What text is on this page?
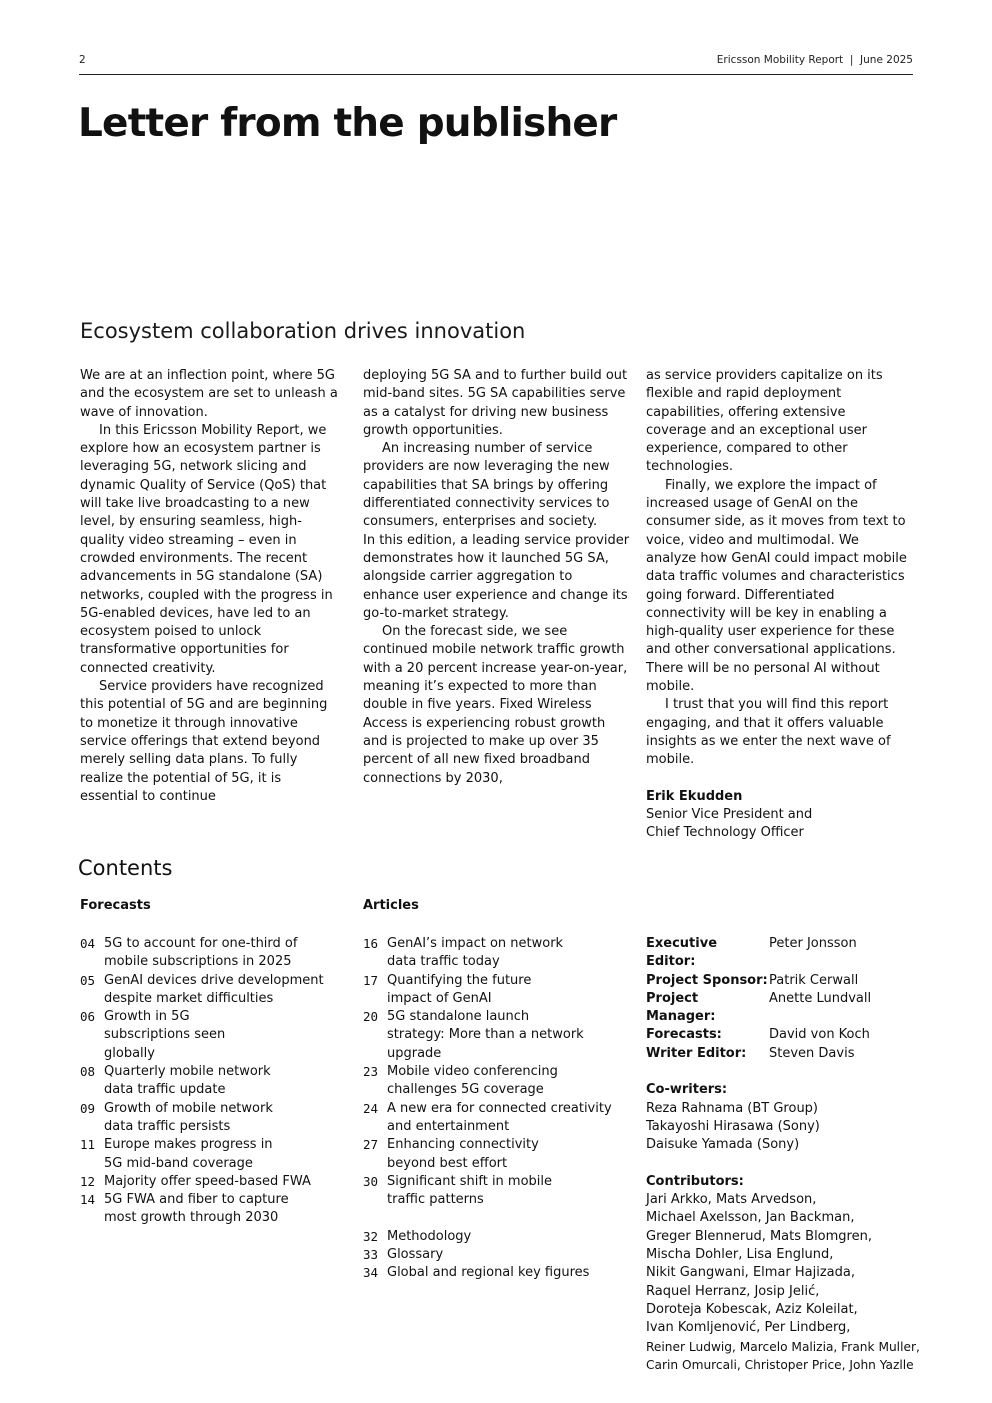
2	Ericsson Mobility Report  |  June 2025
Letter from the publisher
Ecosystem collaboration drives innovation

We are at an inflection point, where 5G and the ecosystem are set to unleash a wave of innovation.

In this Ericsson Mobility Report, we explore how an ecosystem partner is leveraging 5G, network slicing and dynamic Quality of Service (QoS) that will take live broadcasting to a new level, by ensuring seamless, high-quality video streaming – even in crowded environments. The recent advancements in 5G standalone (SA) networks, coupled with the progress in 5G-enabled devices, have led to an ecosystem poised to unlock transformative opportunities for connected creativity.

Service providers have recognized this potential of 5G and are beginning to monetize it through innovative service offerings that extend beyond merely selling data plans. To fully realize the potential of 5G, it is essential to continue

deploying 5G SA and to further build out mid-band sites. 5G SA capabilities serve as a catalyst for driving new business growth opportunities.

An increasing number of service providers are now leveraging the new capabilities that SA brings by offering differentiated connectivity services to consumers, enterprises and society.

In this edition, a leading service provider demonstrates how it launched 5G SA, alongside carrier aggregation to enhance user experience and change its go-to-market strategy.

On the forecast side, we see continued mobile network traffic growth with a 20 percent increase year-on-year, meaning it’s expected to more than double in five years. Fixed Wireless Access is experiencing robust growth and is projected to make up over 35 percent of all new fixed broadband connections by 2030,

as service providers capitalize on its flexible and rapid deployment capabilities, offering extensive coverage and an exceptional user experience, compared to other technologies.

Finally, we explore the impact of increased usage of GenAI on the consumer side, as it moves from text to voice, video and multimodal. We analyze how GenAI could impact mobile data traffic volumes and characteristics going forward. Differentiated connectivity will be key in enabling a high-quality user experience for these and other conversational applications. There will be no personal AI without mobile.

I trust that you will find this report engaging, and that it offers valuable insights as we enter the next wave of mobile.

Erik Ekudden

Senior Vice President and

Chief Technology Officer

Contents
Forecasts	Articles
04 5G to account for one-third of mobile subscriptions in 2025
05 GenAI devices drive development despite market difficulties
06 Growth in 5G subscriptions seen globally
08 Quarterly mobile network data traffic update
09 Growth of mobile network data traffic persists
11 Europe makes progress in 5G mid-band coverage
12 Majority offer speed-based FWA
14 5G FWA and fiber to capture most growth through 2030
16 GenAI’s impact on network data traffic today
17 Quantifying the future impact of GenAI
20 5G standalone launch strategy: More than a network upgrade
23 Mobile video conferencing challenges 5G coverage
24 A new era for connected creativity and entertainment
27 Enhancing connectivity beyond best effort
30 Significant shift in mobile traffic patterns
32 Methodology
33 Glossary
34 Global and regional key figures
Executive Editor:	Peter Jonsson
Project Sponsor:	Patrik Cerwall
Project Manager:	Anette Lundvall
Forecasts:	David von Koch
Writer Editor:	Steven Davis
Co-writers:
Reza Rahnama (BT Group)
Takayoshi Hirasawa (Sony)
Daisuke Yamada (Sony)
Contributors:
Jari Arkko, Mats Arvedson,
Michael Axelsson, Jan Backman,
Greger Blennerud, Mats Blomgren,
Mischa Dohler, Lisa Englund,
Nikit Gangwani, Elmar Hajizada,
Raquel Herranz, Josip Jelić,
Doroteja Kobescak, Aziz Koleilat,
Ivan Komljenović, Per Lindberg,
Reiner Ludwig, Marcelo Malizia, Frank Muller,
Carin Omurcali, Christoper Price, John Yazlle
